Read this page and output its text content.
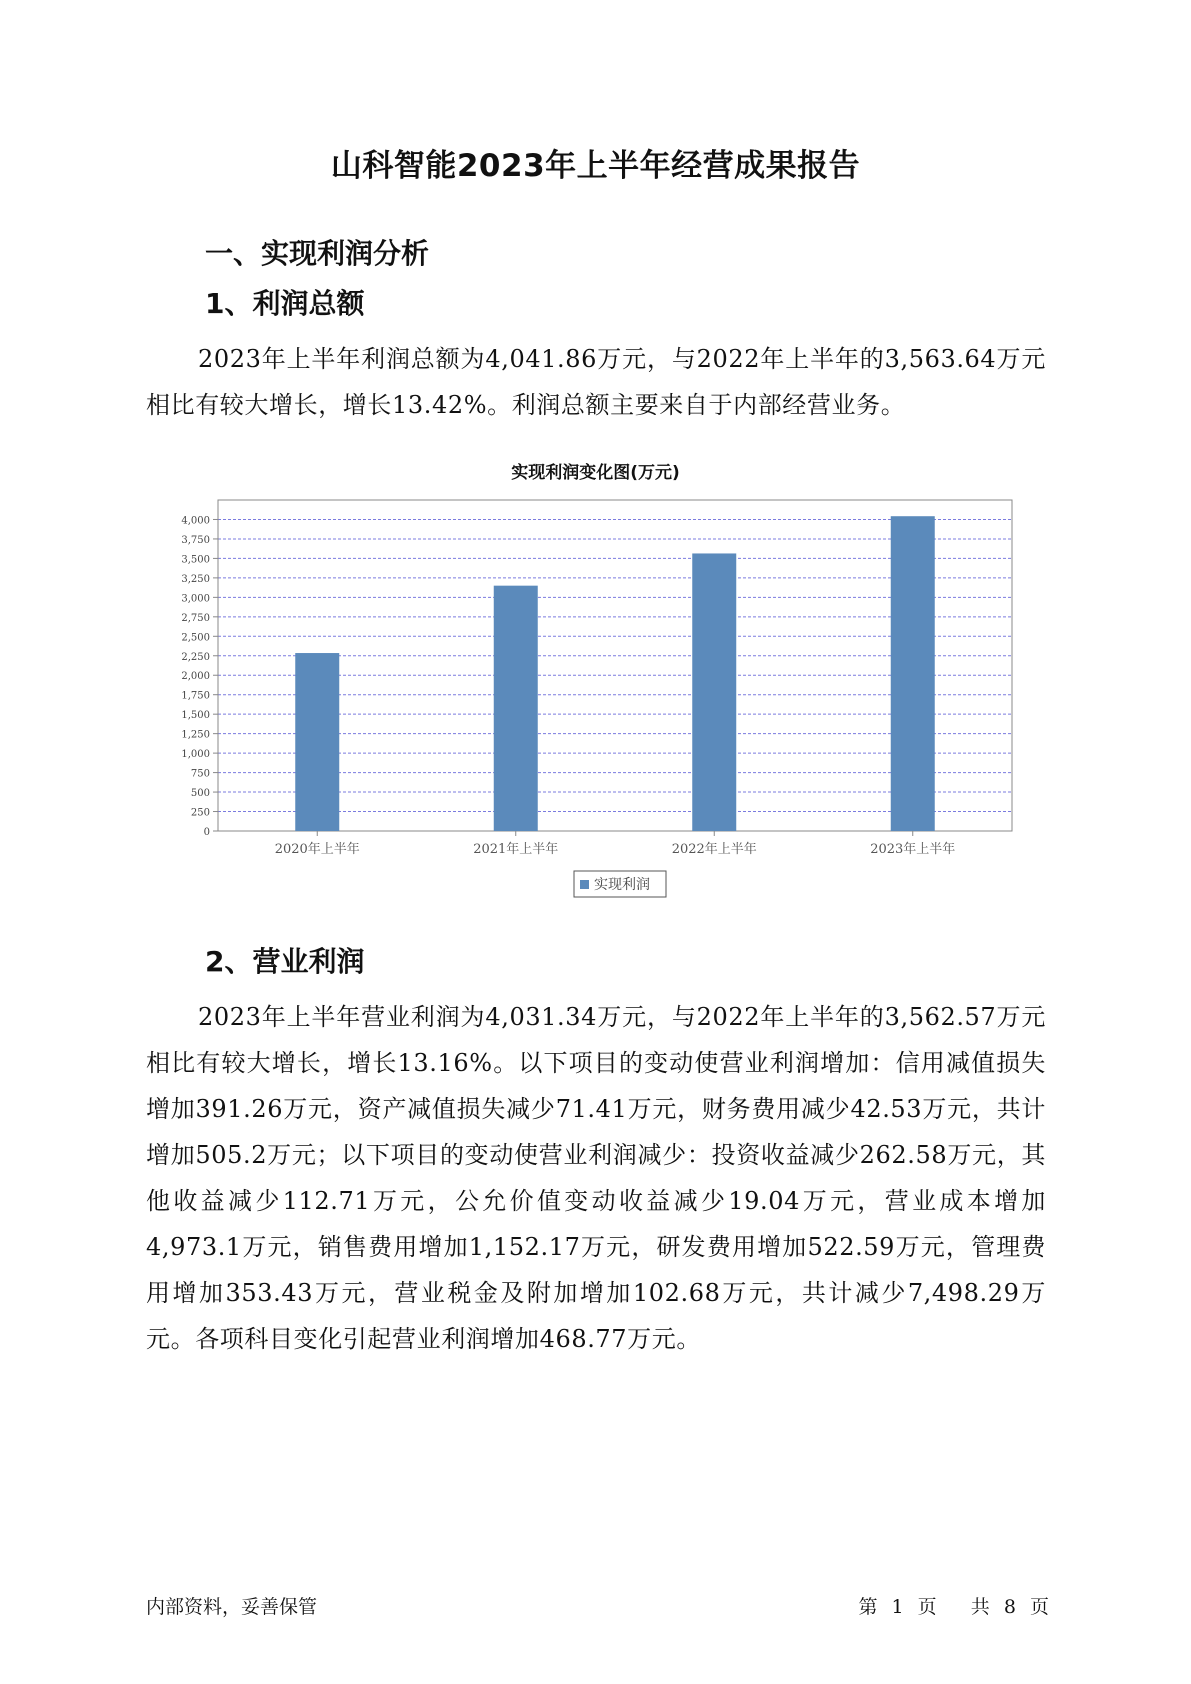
山科智能2023年上半年经营成果报告
一、实现利润分析
1、利润总额
2023年上半年利润总额为4,041.86万元，与2022年上半年的3,563.64万元相比有较大增长，增长13.42%。利润总额主要来自于内部经营业务。
实现利润变化图(万元)
0
250
500
750
1,000
1,250
1,500
1,750
2,000
2,250
2,500
2,750
3,000
3,250
3,500
3,750
4,000
2020年上半年	2021年上半年	2022年上半年	2023年上半年
实现利润
2、营业利润
2023年上半年营业利润为4,031.34万元，与2022年上半年的3,562.57万元相比有较大增长，增长13.16%。以下项目的变动使营业利润增加：信用减值损失增加391.26万元，资产减值损失减少71.41万元，财务费用减少42.53万元，共计增加505.2万元；以下项目的变动使营业利润减少：投资收益减少262.58万元，其他收益减少112.71万元，公允价值变动收益减少19.04万元，营业成本增加4,973.1万元，销售费用增加1,152.17万元，研发费用增加522.59万元，管理费用增加353.43万元，营业税金及附加增加102.68万元，共计减少7,498.29万元。各项科目变化引起营业利润增加468.77万元。
内部资料，妥善保管	第 1 页 共 8 页
